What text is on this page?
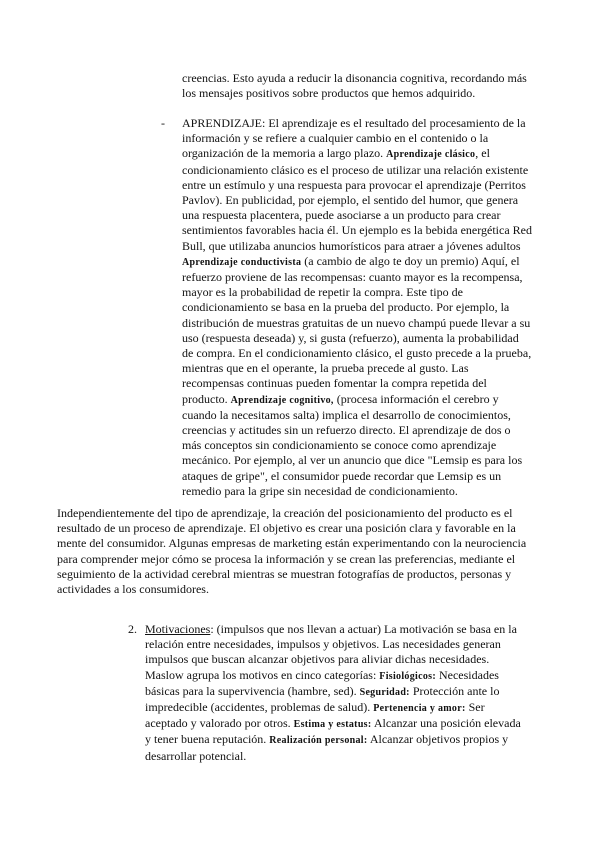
creencias. Esto ayuda a reducir la disonancia cognitiva, recordando más los mensajes positivos sobre productos que hemos adquirido.

- APRENDIZAJE: El aprendizaje es el resultado del procesamiento de la información y se refiere a cualquier cambio en el contenido o la organización de la memoria a largo plazo. Aprendizaje clásico, el condicionamiento clásico es el proceso de utilizar una relación existente entre un estímulo y una respuesta para provocar el aprendizaje (Perritos Pavlov). En publicidad, por ejemplo, el sentido del humor, que genera una respuesta placentera, puede asociarse a un producto para crear sentimientos favorables hacia él. Un ejemplo es la bebida energética Red Bull, que utilizaba anuncios humorísticos para atraer a jóvenes adultos Aprendizaje conductivista (a cambio de algo te doy un premio) Aquí, el refuerzo proviene de las recompensas: cuanto mayor es la recompensa, mayor es la probabilidad de repetir la compra. Este tipo de condicionamiento se basa en la prueba del producto. Por ejemplo, la distribución de muestras gratuitas de un nuevo champú puede llevar a su uso (respuesta deseada) y, si gusta (refuerzo), aumenta la probabilidad de compra. En el condicionamiento clásico, el gusto precede a la prueba, mientras que en el operante, la prueba precede al gusto. Las recompensas continuas pueden fomentar la compra repetida del producto. Aprendizaje cognitivo, (procesa información el cerebro y cuando la necesitamos salta) implica el desarrollo de conocimientos, creencias y actitudes sin un refuerzo directo. El aprendizaje de dos o más conceptos sin condicionamiento se conoce como aprendizaje mecánico. Por ejemplo, al ver un anuncio que dice "Lemsip es para los ataques de gripe", el consumidor puede recordar que Lemsip es un remedio para la gripe sin necesidad de condicionamiento.

Independientemente del tipo de aprendizaje, la creación del posicionamiento del producto es el resultado de un proceso de aprendizaje. El objetivo es crear una posición clara y favorable en la mente del consumidor. Algunas empresas de marketing están experimentando con la neurociencia para comprender mejor cómo se procesa la información y se crean las preferencias, mediante el seguimiento de la actividad cerebral mientras se muestran fotografías de productos, personas y actividades a los consumidores.

2. Motivaciones: (impulsos que nos llevan a actuar) La motivación se basa en la relación entre necesidades, impulsos y objetivos. Las necesidades generan impulsos que buscan alcanzar objetivos para aliviar dichas necesidades. Maslow agrupa los motivos en cinco categorías: Fisiológicos: Necesidades básicas para la supervivencia (hambre, sed). Seguridad: Protección ante lo impredecible (accidentes, problemas de salud). Pertenencia y amor: Ser aceptado y valorado por otros. Estima y estatus: Alcanzar una posición elevada y tener buena reputación. Realización personal: Alcanzar objetivos propios y desarrollar potencial.
